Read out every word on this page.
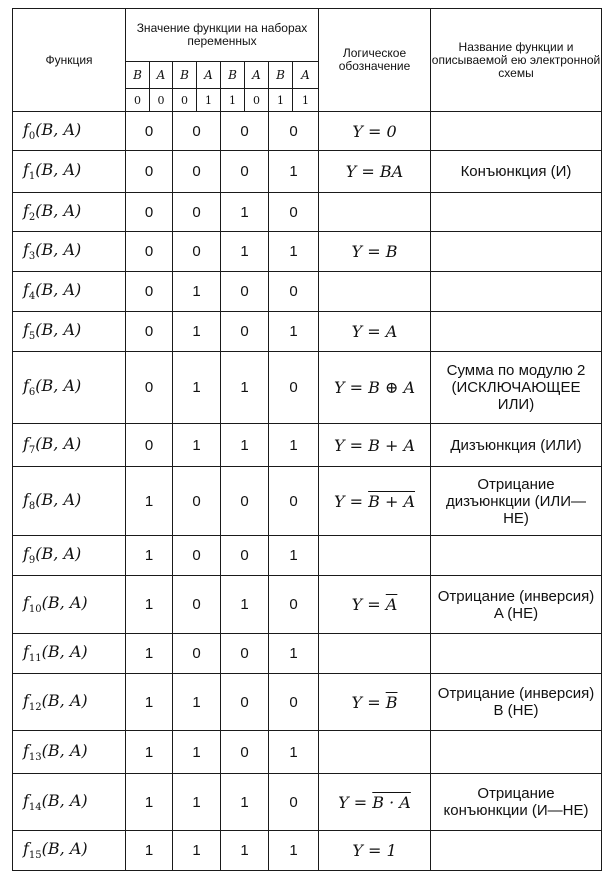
Функция	Значение функции на наборах переменных								Логическое обозначение	Название функции и описываемой ею электронной схемы
	B	A	B	A	B	A	B	A		
	0	0	0	1	1	0	1	1		
$f_0(B$, A)	0		0		0		0		Y = 0	
$f_1(B$, A)	0		0		0		1		Y = BA	Конъюнкция (И)
$f_2(B$, A)	0		0		1		0			
$f_3(B$, A)	0		0		1		1		Y = B	
$f_4(B$, A)	0		1		0		0			
$f_5(B$, A)	0		1		0		1		Y = A	
$f_6(B$, A)	0		1		1		0		Y = B ⊕ A	Сумма по модулю 2 (ИСКЛЮЧАЮЩЕЕ ИЛИ)
$f_7(B$, A)	0		1		1		1		Y = B + A	Дизъюнкция (ИЛИ)
$f_8(B$, A)	1		0		0		0		Y = B + A	Отрицание дизъюнкции (ИЛИ—НЕ)
$f_9(B$, A)	1		0		0		1			
$f_{10}(B$, A)	1		0		1		0		$Y = \overline{A}$	Отрицание (инверсия) A (НЕ)
$f_{11}(B$, A)	1		0		0		1			
$f_{12}(B$, A)	1		1		0		0		$Y = \overline{B}$	Отрицание (инверсия) B (НЕ)
$f_{13}(B$, A)	1		1		0		1			
$f_{14}(B$, A)	1		1		1		0		Y = B · A	Отрицание конъюнкции (И—НЕ)
$f_{15}(B$, A)	1		1		1		1		Y = 1	
